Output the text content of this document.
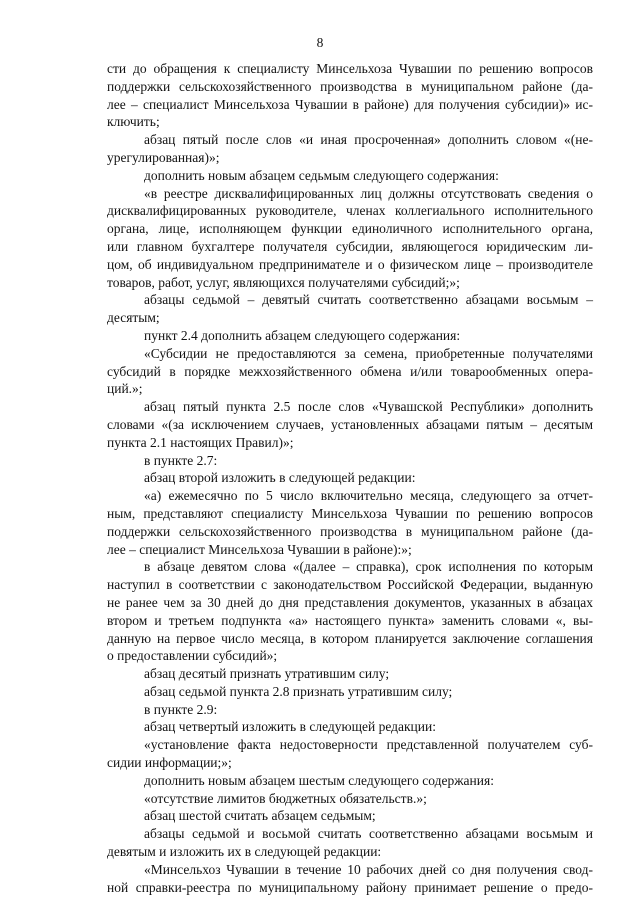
8
сти до обращения к специалисту Минсельхоза Чувашии по решению вопросов
поддержки сельскохозяйственного производства в муниципальном районе (да-
лее – специалист Минсельхоза Чувашии в районе) для получения субсидии)» ис-
ключить;
абзац пятый после слов «и иная просроченная» дополнить словом «(не-
урегулированная)»;
дополнить новым абзацем седьмым следующего содержания:
«в реестре дисквалифицированных лиц должны отсутствовать сведения о
дисквалифицированных руководителе, членах коллегиального исполнительного
органа, лице, исполняющем функции единоличного исполнительного органа,
или главном бухгалтере получателя субсидии, являющегося юридическим ли-
цом, об индивидуальном предпринимателе и о физическом лице – производителе
товаров, работ, услуг, являющихся получателями субсидий;»;
абзацы седьмой – девятый считать соответственно абзацами восьмым –
десятым;
пункт 2.4 дополнить абзацем следующего содержания:
«Субсидии не предоставляются за семена, приобретенные получателями
субсидий в порядке межхозяйственного обмена и/или товарообменных опера-
ций.»;
абзац пятый пункта 2.5 после слов «Чувашской Республики» дополнить
словами «(за исключением случаев, установленных абзацами пятым – десятым
пункта 2.1 настоящих Правил)»;
в пункте 2.7:
абзац второй изложить в следующей редакции:
«а) ежемесячно по 5 число включительно месяца, следующего за отчет-
ным, представляют специалисту Минсельхоза Чувашии по решению вопросов
поддержки сельскохозяйственного производства в муниципальном районе (да-
лее – специалист Минсельхоза Чувашии в районе):»;
в абзаце девятом слова «(далее – справка), срок исполнения по которым
наступил в соответствии с законодательством Российской Федерации, выданную
не ранее чем за 30 дней до дня представления документов, указанных в абзацах
втором и третьем подпункта «а» настоящего пункта» заменить словами «, вы-
данную на первое число месяца, в котором планируется заключение соглашения
о предоставлении субсидий»;
абзац десятый признать утратившим силу;
абзац седьмой пункта 2.8 признать утратившим силу;
в пункте 2.9:
абзац четвертый изложить в следующей редакции:
«установление факта недостоверности представленной получателем суб-
сидии информации;»;
дополнить новым абзацем шестым следующего содержания:
«отсутствие лимитов бюджетных обязательств.»;
абзац шестой считать абзацем седьмым;
абзацы седьмой и восьмой считать соответственно абзацами восьмым и
девятым и изложить их в следующей редакции:
«Минсельхоз Чувашии в течение 10 рабочих дней со дня получения свод-
ной справки-реестра по муниципальному району принимает решение о предо-
